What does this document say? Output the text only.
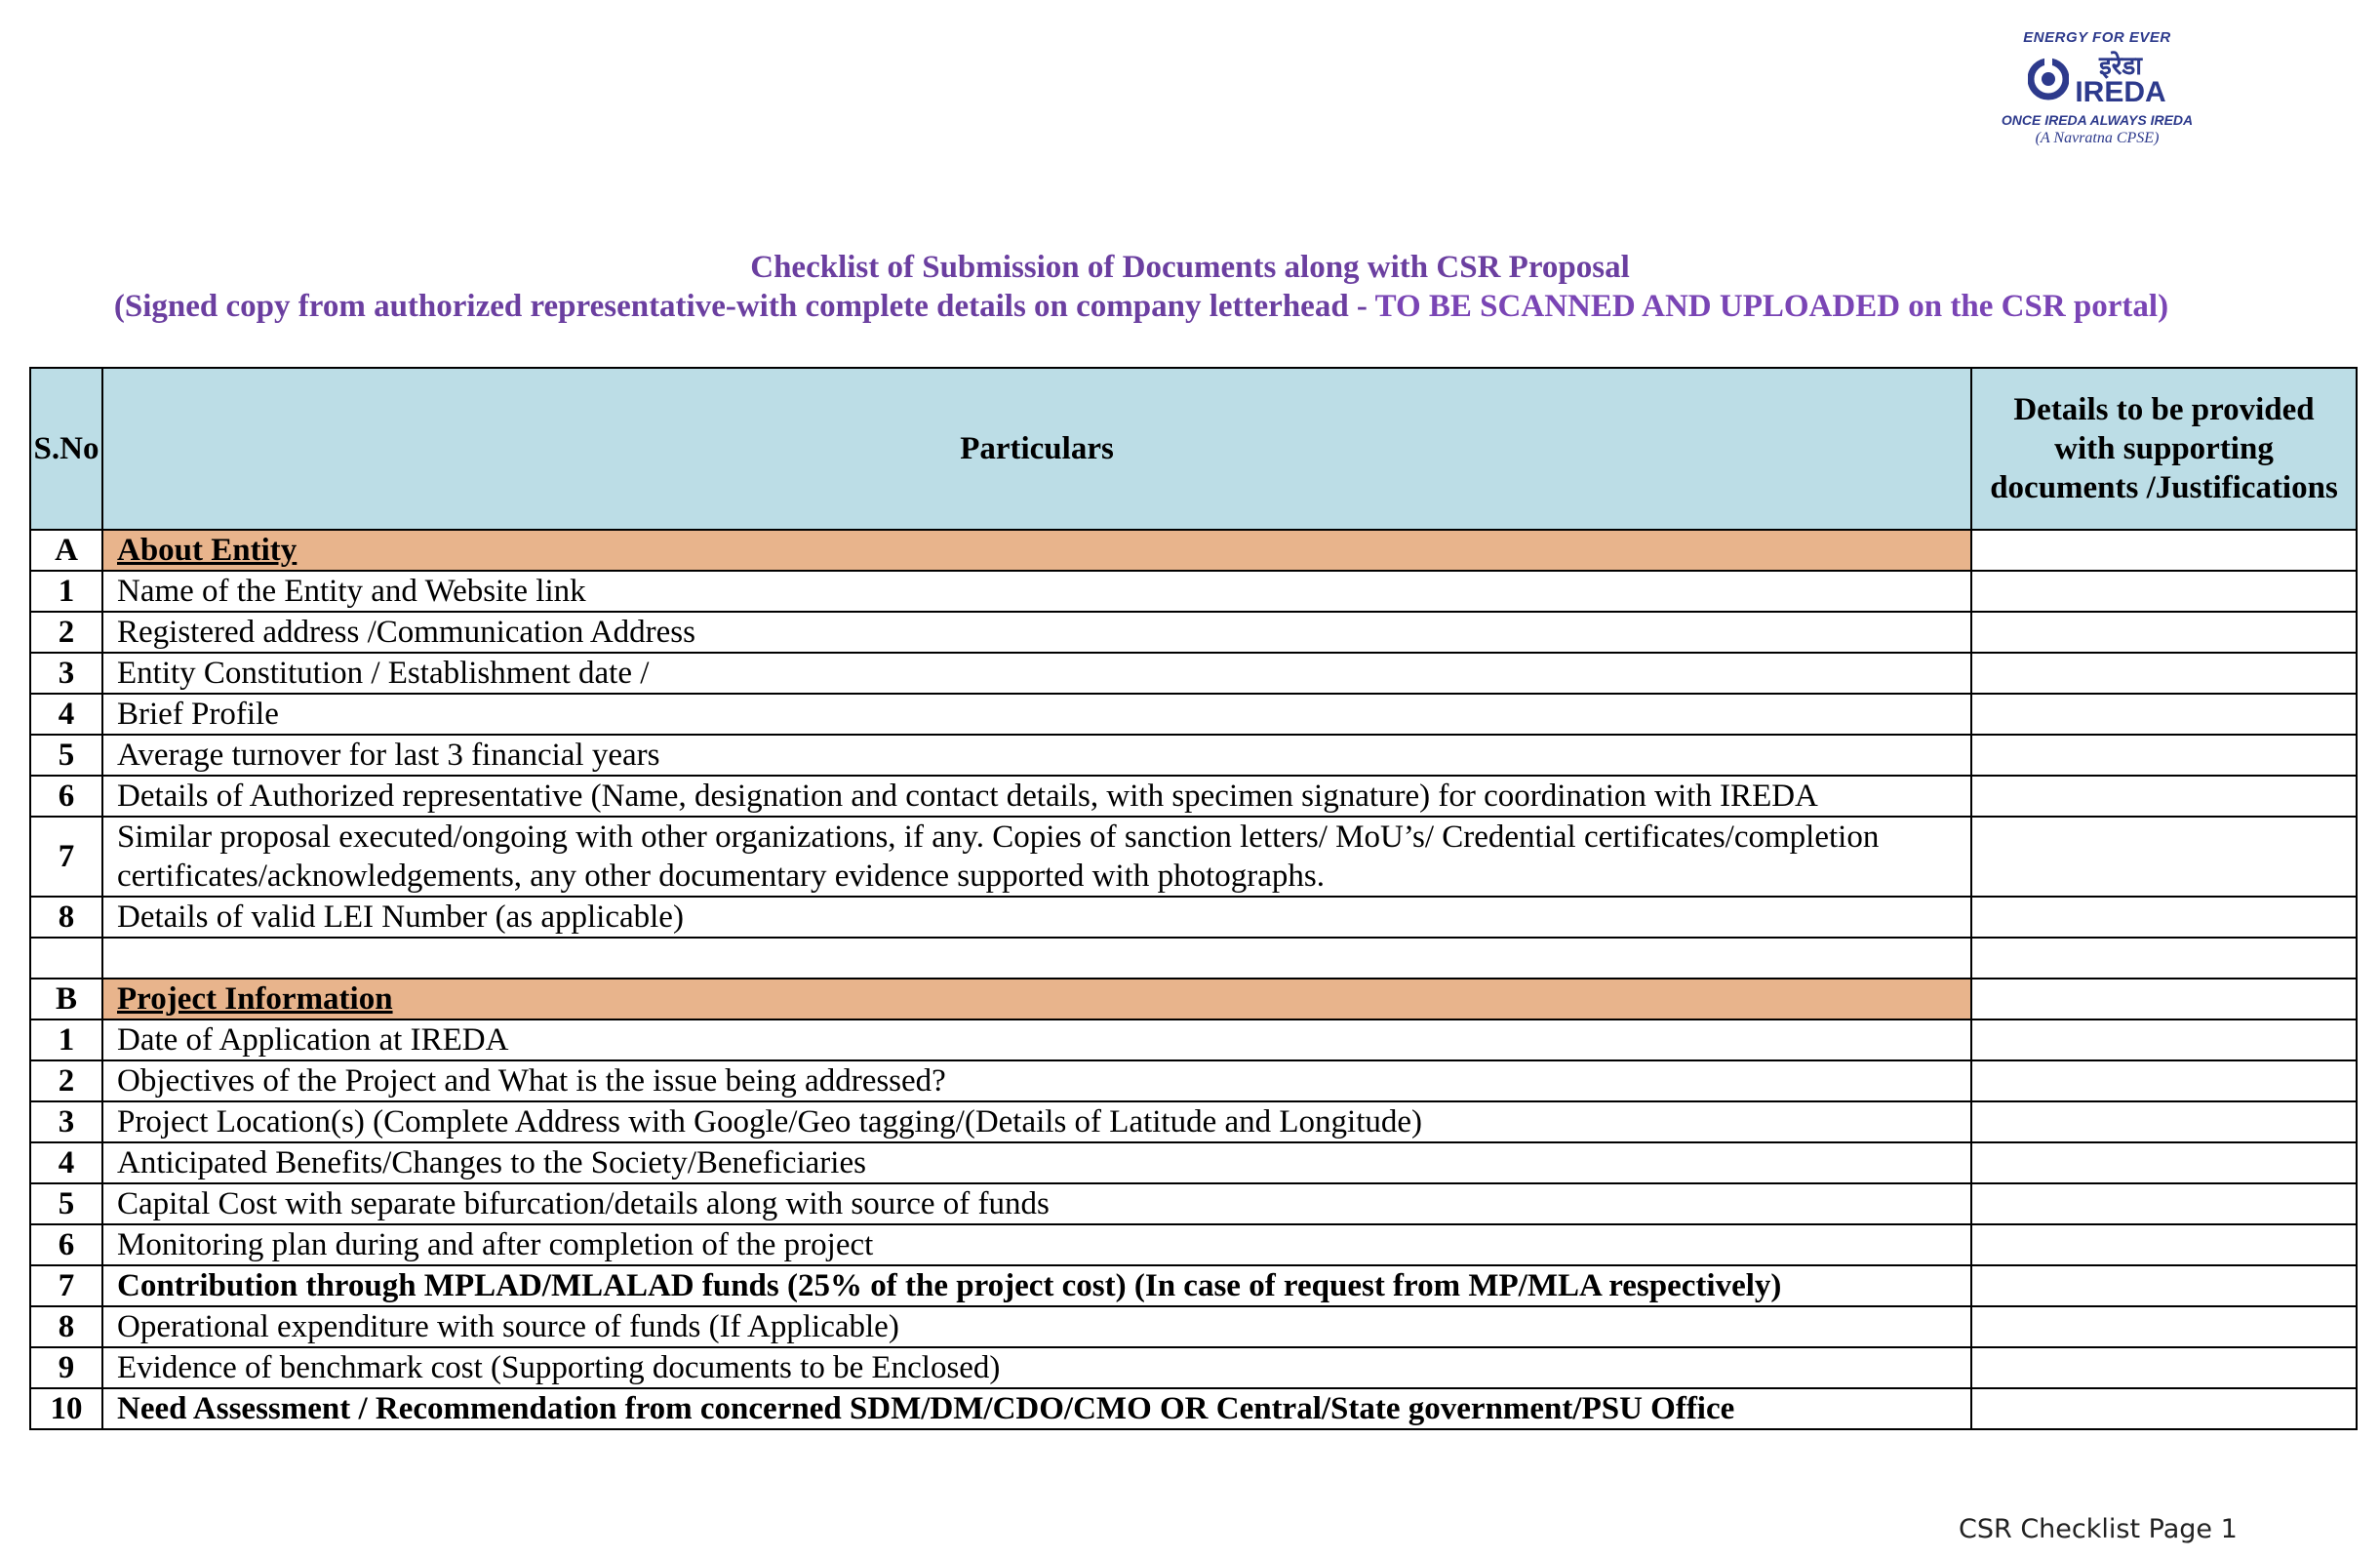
ENERGY FOR EVER
इरेडा
IREDA
ONCE IREDA ALWAYS IREDA
(A Navratna CPSE)
Checklist of Submission of Documents along with CSR Proposal
(Signed copy from authorized representative-with complete details on company letterhead - TO BE SCANNED AND UPLOADED on the CSR portal)
S.No	Particulars	Details to be provided with supporting documents /Justifications
A	About Entity	
1	Name of the Entity and Website link	
2	Registered address /Communication Address	
3	Entity Constitution / Establishment date /	
4	Brief Profile	
5	Average turnover for last 3 financial years	
6	Details of Authorized representative (Name, designation and contact details, with specimen signature) for coordination with IREDA	
7	Similar proposal executed/ongoing with other organizations, if any. Copies of sanction letters/ MoU’s/ Credential certificates/completion certificates/acknowledgements, any other documentary evidence supported with photographs.	
8	Details of valid LEI Number (as applicable)	

B	Project Information	
1	Date of Application at IREDA	
2	Objectives of the Project and What is the issue being addressed?	
3	Project Location(s) (Complete Address with Google/Geo tagging/(Details of Latitude and Longitude)	
4	Anticipated Benefits/Changes to the Society/Beneficiaries	
5	Capital Cost with separate bifurcation/details along with source of funds	
6	Monitoring plan during and after completion of the project	
7	Contribution through MPLAD/MLALAD funds (25% of the project cost) (In case of request from MP/MLA respectively)	
8	Operational expenditure with source of funds (If Applicable)	
9	Evidence of benchmark cost (Supporting documents to be Enclosed)	
10	Need Assessment / Recommendation from concerned SDM/DM/CDO/CMO OR Central/State government/PSU Office	
CSR Checklist Page 1
